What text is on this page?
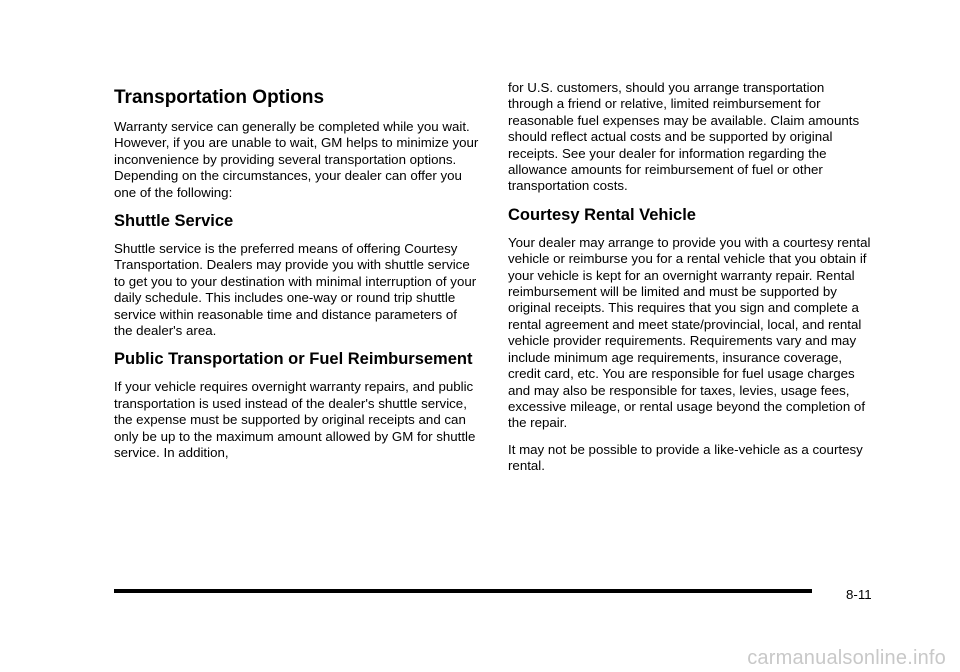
Transportation Options

Warranty service can generally be completed while you wait. However, if you are unable to wait, GM helps to minimize your inconvenience by providing several transportation options. Depending on the circumstances, your dealer can offer you one of the following:

Shuttle Service

Shuttle service is the preferred means of offering Courtesy Transportation. Dealers may provide you with shuttle service to get you to your destination with minimal interruption of your daily schedule. This includes one-way or round trip shuttle service within reasonable time and distance parameters of the dealer's area.

Public Transportation or Fuel Reimbursement

If your vehicle requires overnight warranty repairs, and public transportation is used instead of the dealer's shuttle service, the expense must be supported by original receipts and can only be up to the maximum amount allowed by GM for shuttle service. In addition,

for U.S. customers, should you arrange transportation through a friend or relative, limited reimbursement for reasonable fuel expenses may be available. Claim amounts should reflect actual costs and be supported by original receipts. See your dealer for information regarding the allowance amounts for reimbursement of fuel or other transportation costs.

Courtesy Rental Vehicle

Your dealer may arrange to provide you with a courtesy rental vehicle or reimburse you for a rental vehicle that you obtain if your vehicle is kept for an overnight warranty repair. Rental reimbursement will be limited and must be supported by original receipts. This requires that you sign and complete a rental agreement and meet state/provincial, local, and rental vehicle provider requirements. Requirements vary and may include minimum age requirements, insurance coverage, credit card, etc. You are responsible for fuel usage charges and may also be responsible for taxes, levies, usage fees, excessive mileage, or rental usage beyond the completion of the repair.

It may not be possible to provide a like-vehicle as a courtesy rental.

8-11
carmanualsonline.info
